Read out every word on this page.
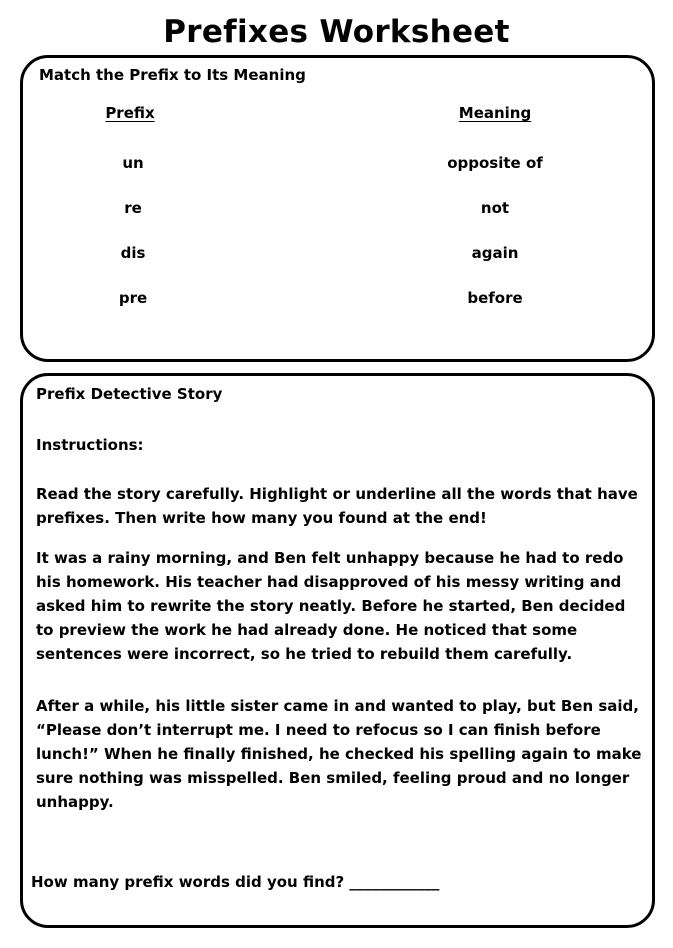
Prefixes Worksheet
Match the Prefix to Its Meaning
Prefix	Meaning
un
re
dis
pre
opposite of
not
again
before
Prefix Detective Story
Instructions:
Read the story carefully. Highlight or underline all the words that have prefixes. Then write how many you found at the end!
It was a rainy morning, and Ben felt unhappy because he had to redo his homework. His teacher had disapproved of his messy writing and asked him to rewrite the story neatly. Before he started, Ben decided to preview the work he had already done. He noticed that some sentences were incorrect, so he tried to rebuild them carefully.
After a while, his little sister came in and wanted to play, but Ben said, “Please don’t interrupt me. I need to refocus so I can finish before lunch!” When he finally finished, he checked his spelling again to make sure nothing was misspelled. Ben smiled, feeling proud and no longer unhappy.
How many prefix words did you find? ____________
